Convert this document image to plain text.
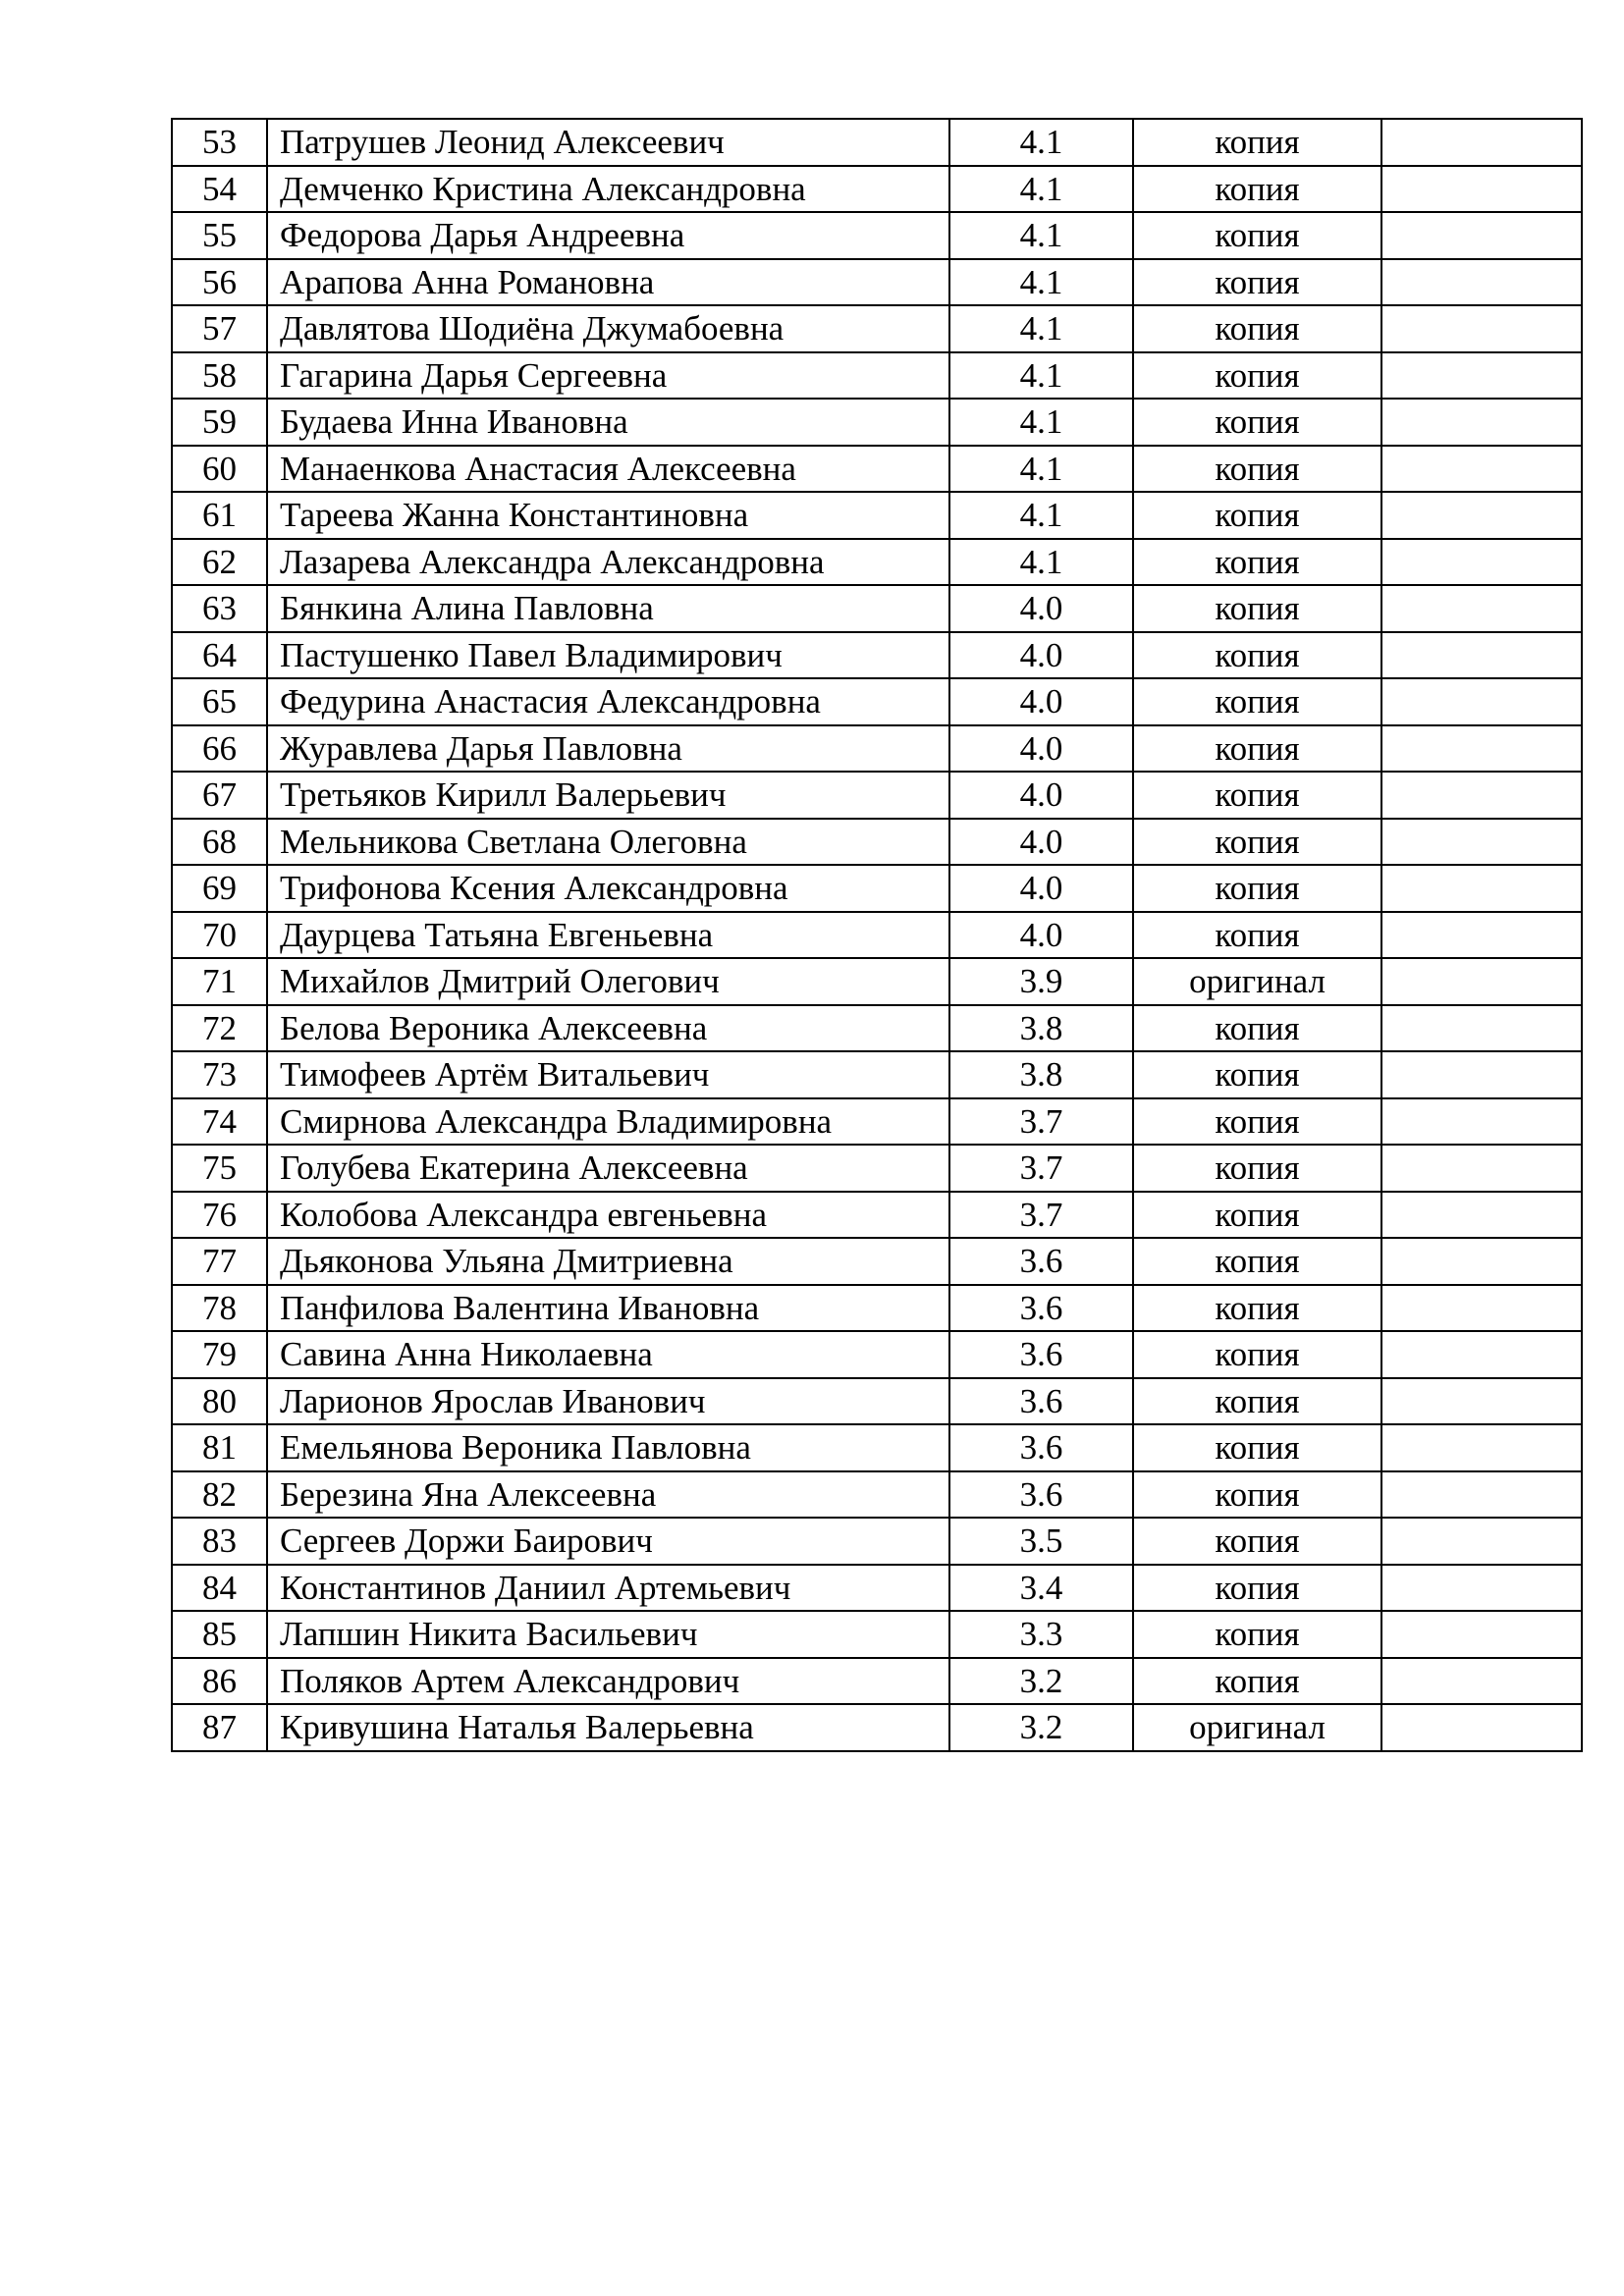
53	Патрушев Леонид Алексеевич	4.1	копия	
54	Демченко Кристина Александровна	4.1	копия	
55	Федорова Дарья Андреевна	4.1	копия	
56	Арапова Анна Романовна	4.1	копия	
57	Давлятова Шодиёна Джумабоевна	4.1	копия	
58	Гагарина Дарья Сергеевна	4.1	копия	
59	Будаева Инна Ивановна	4.1	копия	
60	Манаенкова Анастасия Алексеевна	4.1	копия	
61	Тареева Жанна Константиновна	4.1	копия	
62	Лазарева Александра Александровна	4.1	копия	
63	Бянкина Алина Павловна	4.0	копия	
64	Пастушенко Павел Владимирович	4.0	копия	
65	Федурина Анастасия Александровна	4.0	копия	
66	Журавлева Дарья Павловна	4.0	копия	
67	Третьяков Кирилл Валерьевич	4.0	копия	
68	Мельникова Светлана Олеговна	4.0	копия	
69	Трифонова Ксения Александровна	4.0	копия	
70	Даурцева Татьяна Евгеньевна	4.0	копия	
71	Михайлов Дмитрий Олегович	3.9	оригинал	
72	Белова Вероника Алексеевна	3.8	копия	
73	Тимофеев Артём Витальевич	3.8	копия	
74	Смирнова Александра Владимировна	3.7	копия	
75	Голубева Екатерина Алексеевна	3.7	копия	
76	Колобова Александра евгеньевна	3.7	копия	
77	Дьяконова Ульяна Дмитриевна	3.6	копия	
78	Панфилова Валентина Ивановна	3.6	копия	
79	Савина Анна Николаевна	3.6	копия	
80	Ларионов Ярослав Иванович	3.6	копия	
81	Емельянова Вероника Павловна	3.6	копия	
82	Березина Яна Алексеевна	3.6	копия	
83	Сергеев Доржи Баирович	3.5	копия	
84	Константинов Даниил Артемьевич	3.4	копия	
85	Лапшин Никита Васильевич	3.3	копия	
86	Поляков Артем Александрович	3.2	копия	
87	Кривушина Наталья Валерьевна	3.2	оригинал	
